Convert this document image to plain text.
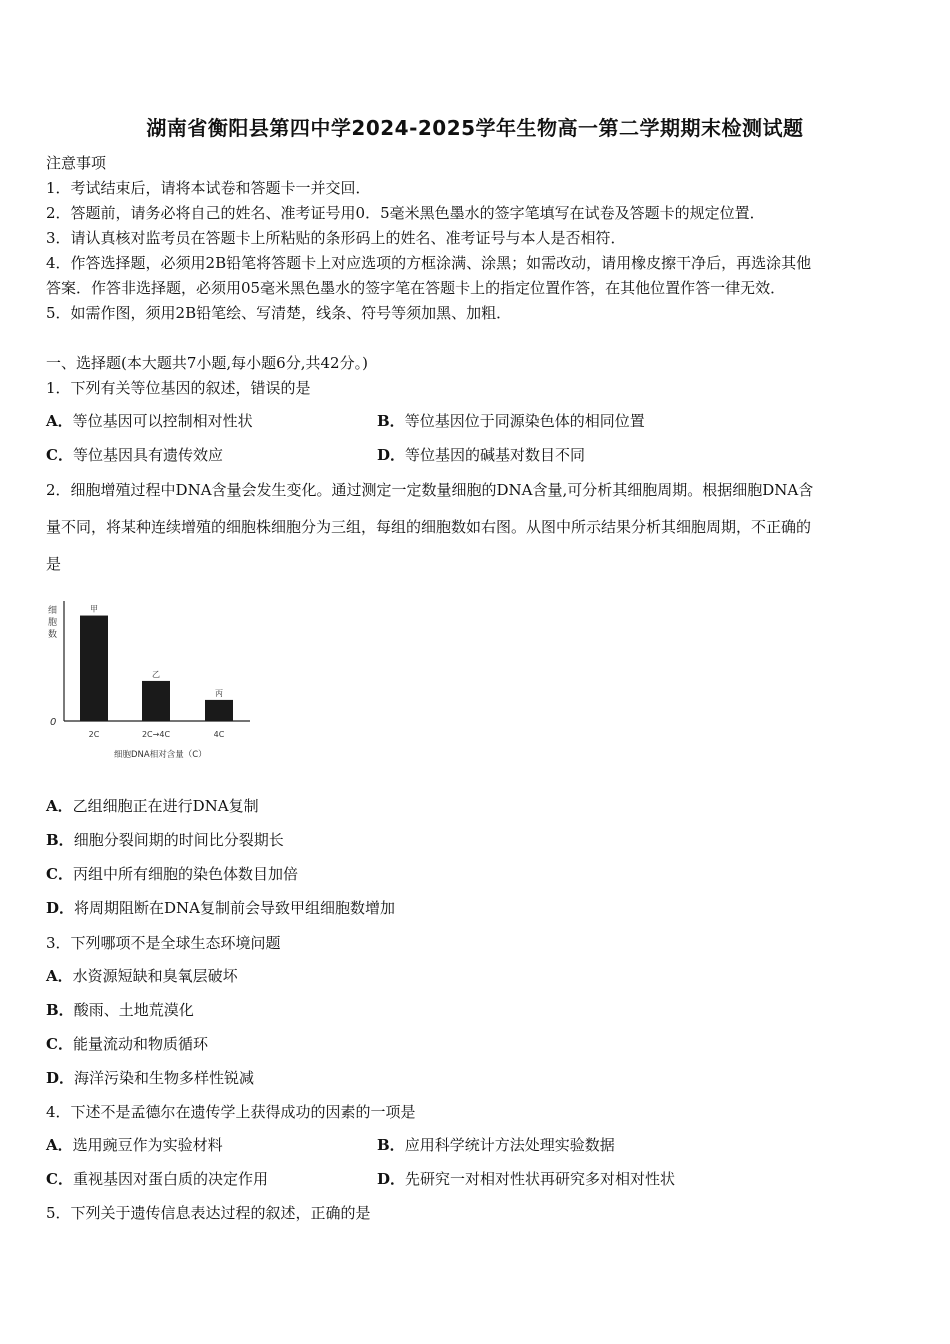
湖南省衡阳县第四中学2024-2025学年生物高一第二学期期末检测试题
注意事项
1．考试结束后，请将本试卷和答题卡一并交回．
2．答题前，请务必将自己的姓名、准考证号用0．5毫米黑色墨水的签字笔填写在试卷及答题卡的规定位置．
3．请认真核对监考员在答题卡上所粘贴的条形码上的姓名、准考证号与本人是否相符．
4．作答选择题，必须用2B铅笔将答题卡上对应选项的方框涂满、涂黑；如需改动，请用橡皮擦干净后，再选涂其他
答案．作答非选择题，必须用05毫米黑色墨水的签字笔在答题卡上的指定位置作答，在其他位置作答一律无效．
5．如需作图，须用2B铅笔绘、写清楚，线条、符号等须加黑、加粗．
一、选择题(本大题共7小题,每小题6分,共42分。)
1．下列有关等位基因的叙述，错误的是
A．等位基因可以控制相对性状	B．等位基因位于同源染色体的相同位置
C．等位基因具有遗传效应	D．等位基因的碱基对数目不同
2．细胞增殖过程中DNA含量会发生变化。通过测定一定数量细胞的DNA含量,可分析其细胞周期。根据细胞DNA含
量不同，将某种连续增殖的细胞株细胞分为三组，每组的细胞数如右图。从图中所示结果分析其细胞周期，不正确的
是
细胞数
0
甲
2C
乙
2C→4C
丙
4C
细胞DNA相对含量（C）
A．乙组细胞正在进行DNA复制
B．细胞分裂间期的时间比分裂期长
C．丙组中所有细胞的染色体数目加倍
D．将周期阻断在DNA复制前会导致甲组细胞数增加
3．下列哪项不是全球生态环境问题
A．水资源短缺和臭氧层破坏
B．酸雨、土地荒漠化
C．能量流动和物质循环
D．海洋污染和生物多样性锐减
4．下述不是孟德尔在遗传学上获得成功的因素的一项是
A．选用豌豆作为实验材料	B．应用科学统计方法处理实验数据
C．重视基因对蛋白质的决定作用	D．先研究一对相对性状再研究多对相对性状
5．下列关于遗传信息表达过程的叙述，正确的是
